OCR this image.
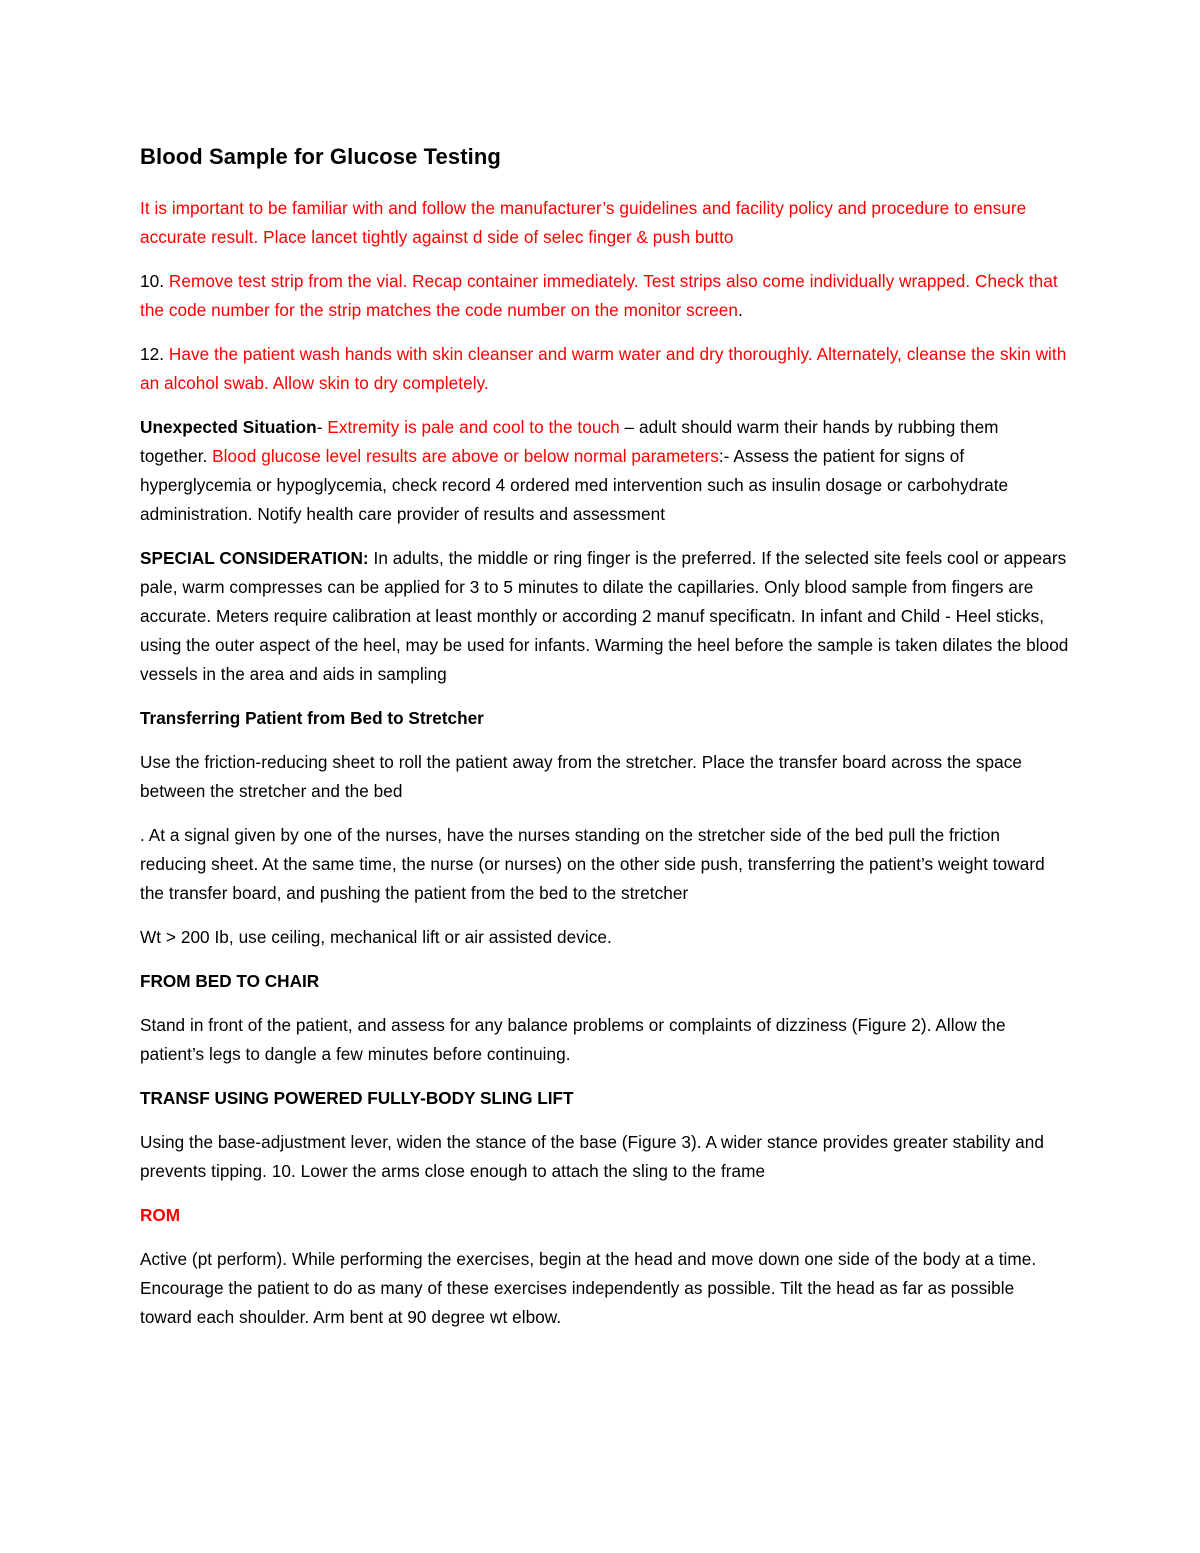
Blood Sample for Glucose Testing

It is important to be familiar with and follow the manufacturer’s guidelines and facility policy and procedure to ensure accurate result. Place lancet tightly against d side of selec finger & push butto

10. Remove test strip from the vial. Recap container immediately. Test strips also come individually wrapped. Check that the code number for the strip matches the code number on the monitor screen.

12. Have the patient wash hands with skin cleanser and warm water and dry thoroughly. Alternately, cleanse the skin with an alcohol swab. Allow skin to dry completely.

Unexpected Situation- Extremity is pale and cool to the touch – adult should warm their hands by rubbing them together. Blood glucose level results are above or below normal parameters:- Assess the patient for signs of hyperglycemia or hypoglycemia, check record 4 ordered med intervention such as insulin dosage or carbohydrate administration. Notify health care provider of results and assessment

SPECIAL CONSIDERATION: In adults, the middle or ring finger is the preferred. If the selected site feels cool or appears pale, warm compresses can be applied for 3 to 5 minutes to dilate the capillaries. Only blood sample from fingers are accurate. Meters require calibration at least monthly or according 2 manuf specificatn. In infant and Child - Heel sticks, using the outer aspect of the heel, may be used for infants. Warming the heel before the sample is taken dilates the blood vessels in the area and aids in sampling

Transferring Patient from Bed to Stretcher

Use the friction-reducing sheet to roll the patient away from the stretcher. Place the transfer board across the space between the stretcher and the bed

. At a signal given by one of the nurses, have the nurses standing on the stretcher side of the bed pull the friction reducing sheet. At the same time, the nurse (or nurses) on the other side push, transferring the patient’s weight toward the transfer board, and pushing the patient from the bed to the stretcher

Wt > 200 Ib, use ceiling, mechanical lift or air assisted device.

FROM BED TO CHAIR

Stand in front of the patient, and assess for any balance problems or complaints of dizziness (Figure 2). Allow the patient’s legs to dangle a few minutes before continuing.

TRANSF USING POWERED FULLY-BODY SLING LIFT

Using the base-adjustment lever, widen the stance of the base (Figure 3). A wider stance provides greater stability and prevents tipping. 10. Lower the arms close enough to attach the sling to the frame

ROM

Active (pt perform). While performing the exercises, begin at the head and move down one side of the body at a time. Encourage the patient to do as many of these exercises independently as possible. Tilt the head as far as possible toward each shoulder. Arm bent at 90 degree wt elbow.
